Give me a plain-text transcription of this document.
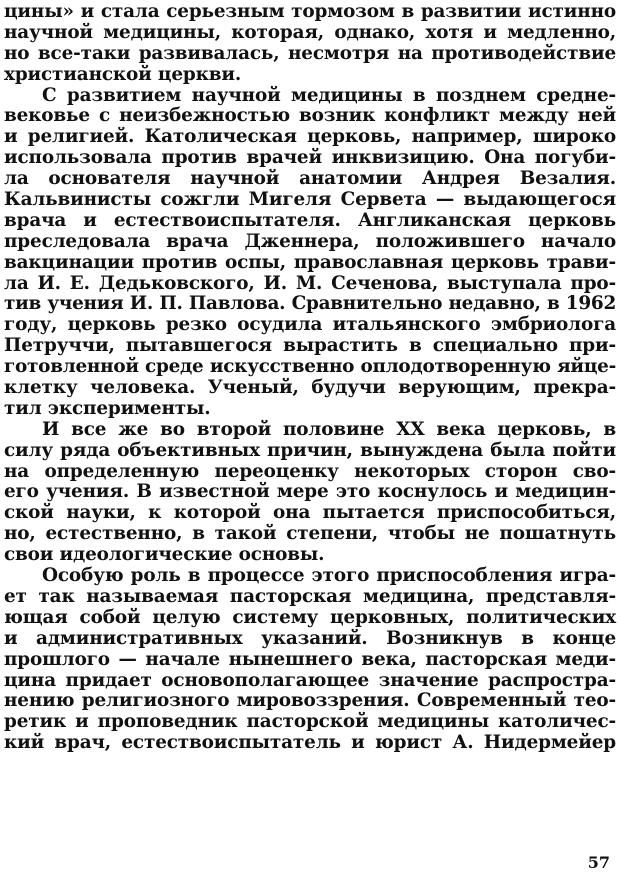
цины» и стала серьезным тормозом в развитии истинно
научной медицины, которая, однако, хотя и медленно,
но все-таки развивалась, несмотря на противодействие
христианской церкви.
С развитием научной медицины в позднем средне-
вековье с неизбежностью возник конфликт между ней
и религией. Католическая церковь, например, широко
использовала против врачей инквизицию. Она погуби-
ла основателя научной анатомии Андрея Везалия.
Кальвинисты сожгли Мигеля Сервета — выдающегося
врача и естествоиспытателя. Англиканская церковь
преследовала врача Дженнера, положившего начало
вакцинации против оспы, православная церковь трави-
ла И. Е. Дедьковского, И. М. Сеченова, выступала про-
тив учения И. П. Павлова. Сравнительно недавно, в 1962
году, церковь резко осудила итальянского эмбриолога
Петруччи, пытавшегося вырастить в специально при-
готовленной среде искусственно оплодотворенную яйце-
клетку человека. Ученый, будучи верующим, прекра-
тил эксперименты.
И все же во второй половине XX века церковь, в
силу ряда объективных причин, вынуждена была пойти
на определенную переоценку некоторых сторон сво-
его учения. В известной мере это коснулось и медицин-
ской науки, к которой она пытается приспособиться,
но, естественно, в такой степени, чтобы не пошатнуть
свои идеологические основы.
Особую роль в процессе этого приспособления игра-
ет так называемая пасторская медицина, представля-
ющая собой целую систему церковных, политических
и административных указаний. Возникнув в конце
прошлого — начале нынешнего века, пасторская меди-
цина придает основополагающее значение распростра-
нению религиозного мировоззрения. Современный тео-
ретик и проповедник пасторской медицины католичес-
кий врач, естествоиспытатель и юрист А. Нидермейер
57
